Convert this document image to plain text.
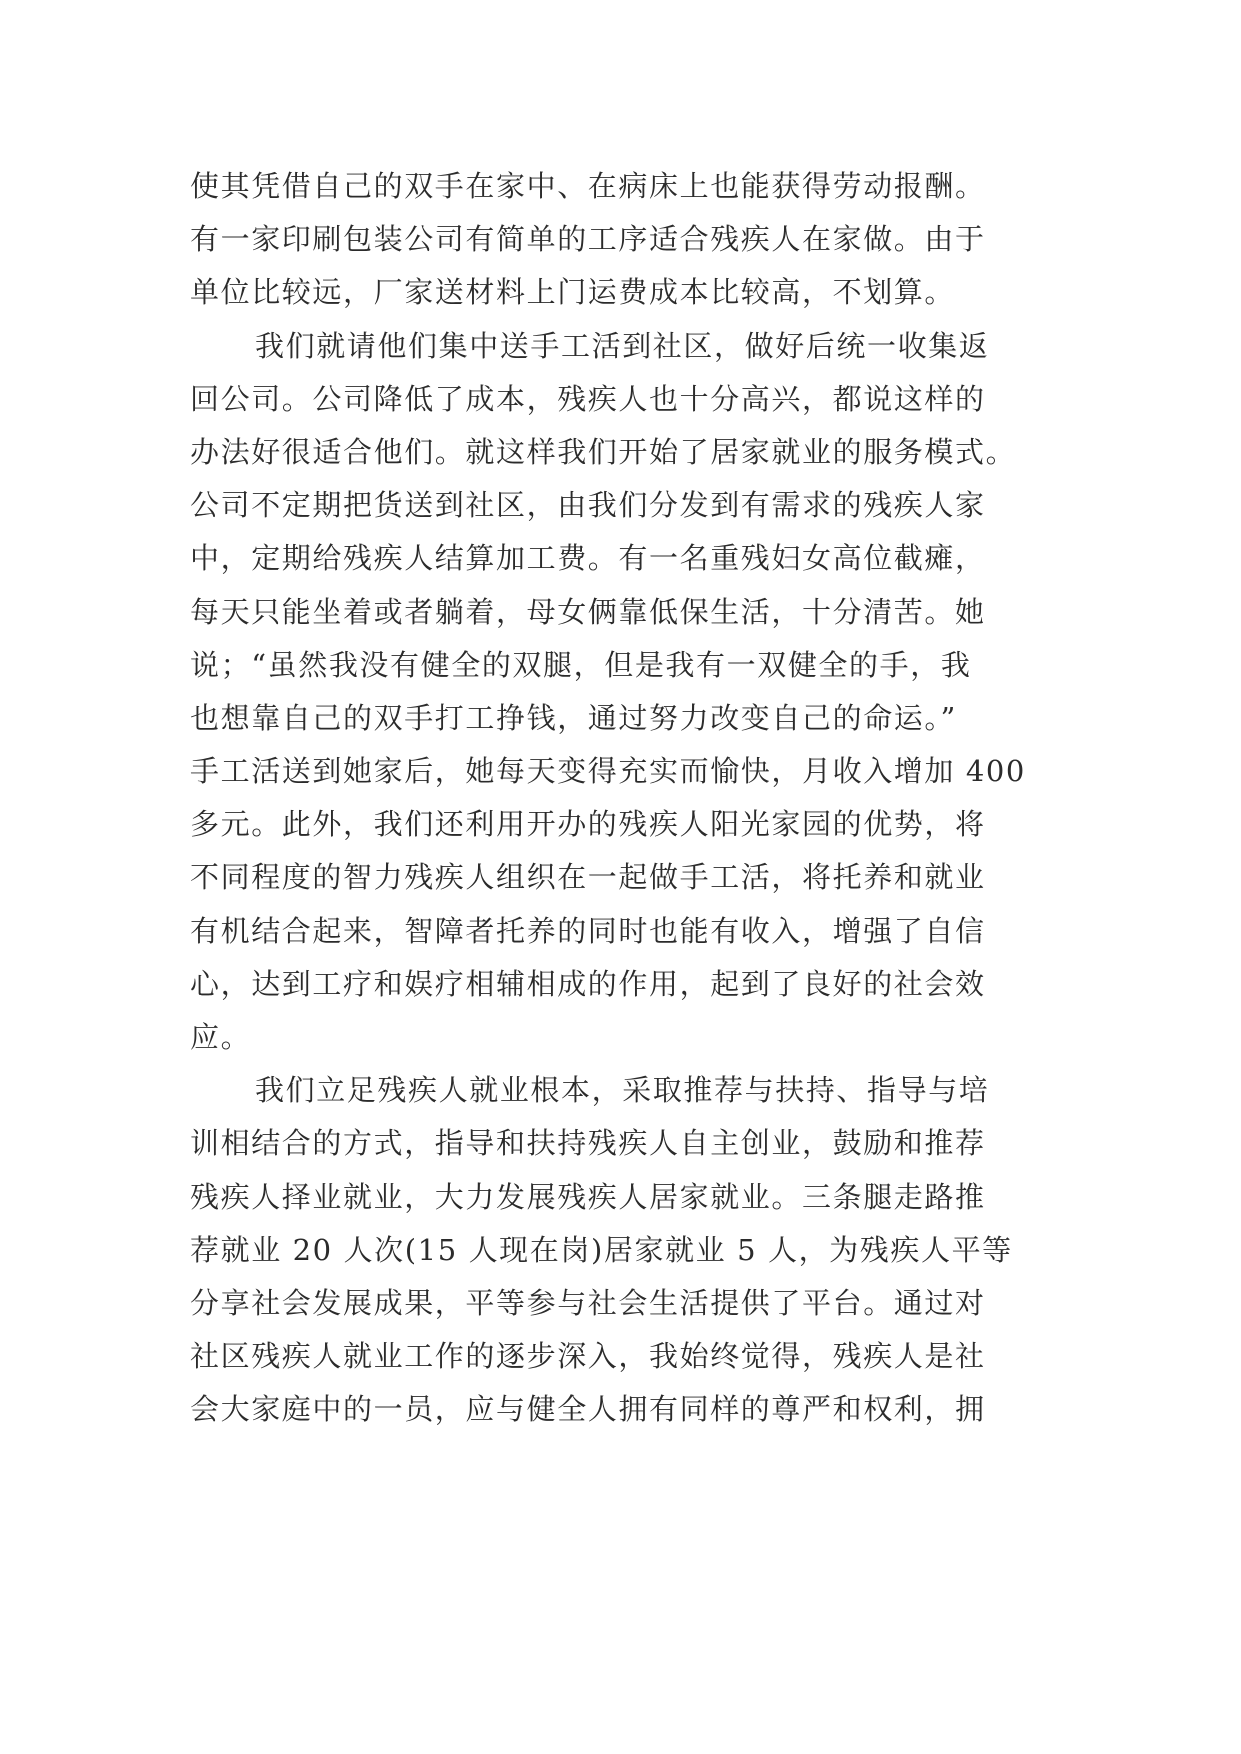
使其凭借自己的双手在家中、在病床上也能获得劳动报酬。
有一家印刷包装公司有简单的工序适合残疾人在家做。由于
单位比较远，厂家送材料上门运费成本比较高，不划算。
我们就请他们集中送手工活到社区，做好后统一收集返
回公司。公司降低了成本，残疾人也十分高兴，都说这样的
办法好很适合他们。就这样我们开始了居家就业的服务模式。
公司不定期把货送到社区，由我们分发到有需求的残疾人家
中，定期给残疾人结算加工费。有一名重残妇女高位截瘫，
每天只能坐着或者躺着，母女俩靠低保生活，十分清苦。她
说；“虽然我没有健全的双腿，但是我有一双健全的手，我
也想靠自己的双手打工挣钱，通过努力改变自己的命运。”
手工活送到她家后，她每天变得充实而愉快，月收入增加 400
多元。此外，我们还利用开办的残疾人阳光家园的优势，将
不同程度的智力残疾人组织在一起做手工活，将托养和就业
有机结合起来，智障者托养的同时也能有收入，增强了自信
心，达到工疗和娱疗相辅相成的作用，起到了良好的社会效
应。
我们立足残疾人就业根本，采取推荐与扶持、指导与培
训相结合的方式，指导和扶持残疾人自主创业，鼓励和推荐
残疾人择业就业，大力发展残疾人居家就业。三条腿走路推
荐就业 20 人次(15 人现在岗)居家就业 5 人，为残疾人平等
分享社会发展成果，平等参与社会生活提供了平台。通过对
社区残疾人就业工作的逐步深入，我始终觉得，残疾人是社
会大家庭中的一员，应与健全人拥有同样的尊严和权利，拥
